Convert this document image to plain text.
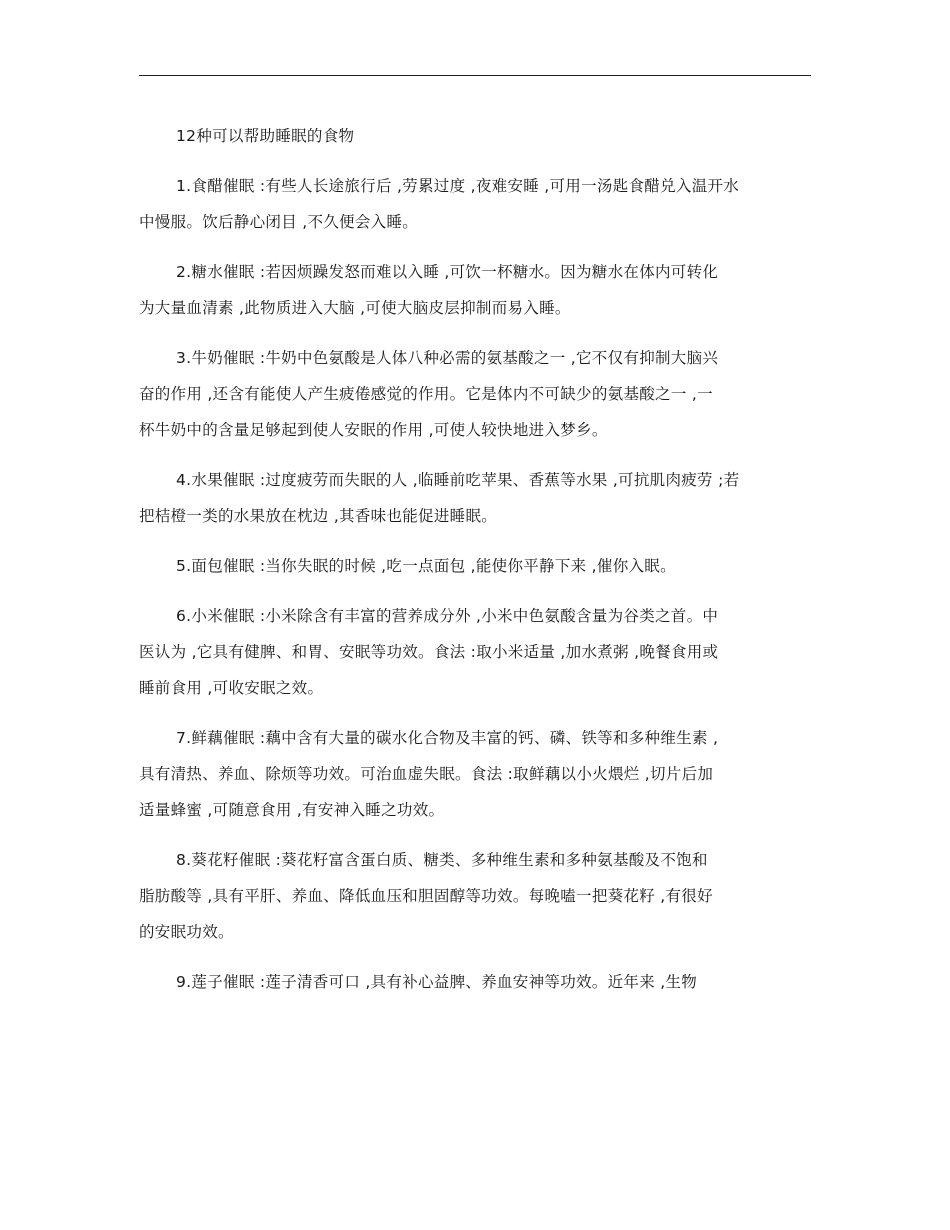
12种可以帮助睡眠的食物
1.食醋催眠 :有些人长途旅行后 ,劳累过度 ,夜难安睡 ,可用一汤匙食醋兑入温开水
中慢服。饮后静心闭目 ,不久便会入睡。
2.糖水催眠 :若因烦躁发怒而难以入睡 ,可饮一杯糖水。因为糖水在体内可转化
为大量血清素 ,此物质进入大脑 ,可使大脑皮层抑制而易入睡。
3.牛奶催眠 :牛奶中色氨酸是人体八种必需的氨基酸之一 ,它不仅有抑制大脑兴
奋的作用 ,还含有能使人产生疲倦感觉的作用。它是体内不可缺少的氨基酸之一 ,一
杯牛奶中的含量足够起到使人安眠的作用 ,可使人较快地进入梦乡。
4.水果催眠 :过度疲劳而失眠的人 ,临睡前吃苹果、香蕉等水果 ,可抗肌肉疲劳 ;若
把桔橙一类的水果放在枕边 ,其香味也能促进睡眠。
5.面包催眠 :当你失眠的时候 ,吃一点面包 ,能使你平静下来 ,催你入眠。
6.小米催眠 :小米除含有丰富的营养成分外 ,小米中色氨酸含量为谷类之首。中
医认为 ,它具有健脾、和胃、安眠等功效。食法 :取小米适量 ,加水煮粥 ,晚餐食用或
睡前食用 ,可收安眠之效。
7.鲜藕催眠 :藕中含有大量的碳水化合物及丰富的钙、磷、铁等和多种维生素 ,
具有清热、养血、除烦等功效。可治血虚失眠。食法 :取鲜藕以小火煨烂 ,切片后加
适量蜂蜜 ,可随意食用 ,有安神入睡之功效。
8.葵花籽催眠 :葵花籽富含蛋白质、糖类、多种维生素和多种氨基酸及不饱和
脂肪酸等 ,具有平肝、养血、降低血压和胆固醇等功效。每晚嗑一把葵花籽 ,有很好
的安眠功效。
9.莲子催眠 :莲子清香可口 ,具有补心益脾、养血安神等功效。近年来 ,生物
